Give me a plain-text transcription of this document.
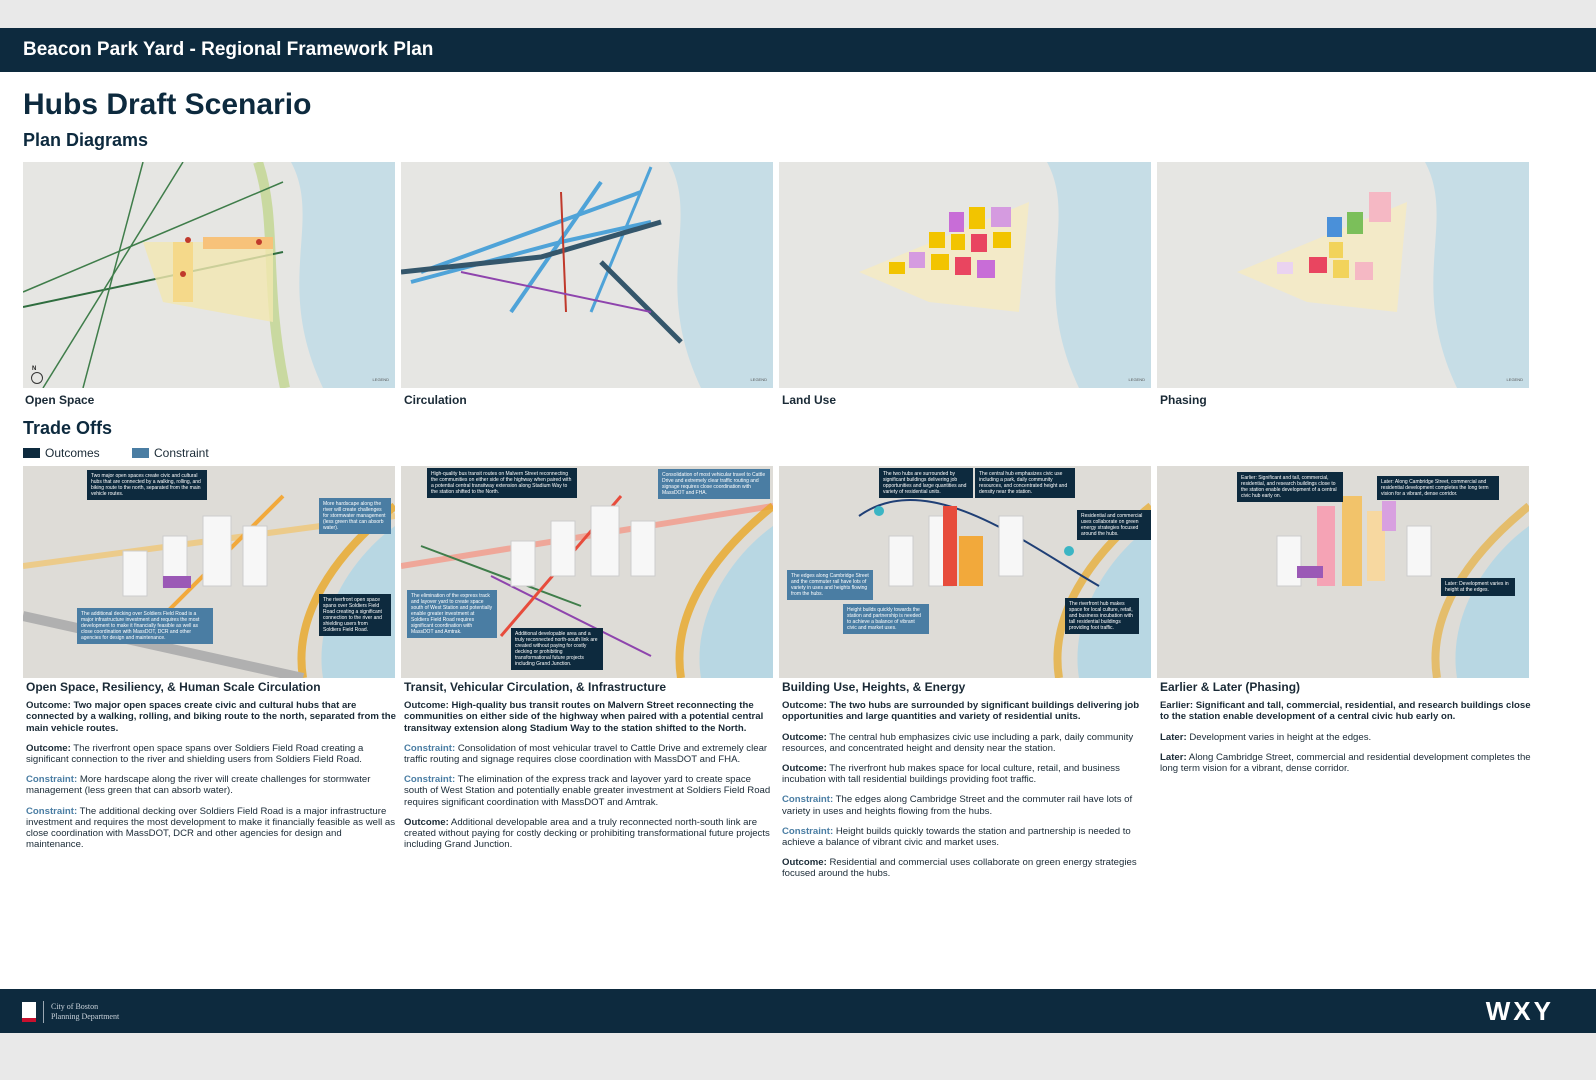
Beacon Park Yard - Regional Framework Plan
Hubs Draft Scenario
Plan Diagrams
N
LEGEND
Open Space
LEGEND
Circulation
LEGEND
Land Use
LEGEND
Phasing
Trade Offs
Outcomes	Constraint
Two major open spaces create civic and cultural hubs that are connected by a walking, rolling, and biking route to the north, separated from the main vehicle routes.
More hardscape along the river will create challenges for stormwater management (less green that can absorb water).
The additional decking over Soldiers Field Road is a major infrastructure investment and requires the most development to make it financially feasible as well as close coordination with MassDOT, DCR and other agencies for design and maintenance.
The riverfront open space spans over Soldiers Field Road creating a significant connection to the river and shielding users from Soldiers Field Road.
Open Space, Resiliency, & Human Scale Circulation

Outcome: Two major open spaces create civic and cultural hubs that are connected by a walking, rolling, and biking route to the north, separated from the main vehicle routes.

Outcome: The riverfront open space spans over Soldiers Field Road creating a significant connection to the river and shielding users from Soldiers Field Road.

Constraint: More hardscape along the river will create challenges for stormwater management (less green that can absorb water).

Constraint: The additional decking over Soldiers Field Road is a major infrastructure investment and requires the most development to make it financially feasible as well as close coordination with MassDOT, DCR and other agencies for design and maintenance.

High-quality bus transit routes on Malvern Street reconnecting the communities on either side of the highway when paired with a potential central transitway extension along Stadium Way to the station shifted to the North.
Consolidation of most vehicular travel to Cattle Drive and extremely clear traffic routing and signage requires close coordination with MassDOT and FHA.
The elimination of the express track and layover yard to create space south of West Station and potentially enable greater investment at Soldiers Field Road requires significant coordination with MassDOT and Amtrak.	Additional developable area and a truly reconnected north-south link are created without paying for costly decking or prohibiting transformational future projects including Grand Junction.
Transit, Vehicular Circulation, & Infrastructure

Outcome: High-quality bus transit routes on Malvern Street reconnecting the communities on either side of the highway when paired with a potential central transitway extension along Stadium Way to the station shifted to the North.

Constraint: Consolidation of most vehicular travel to Cattle Drive and extremely clear traffic routing and signage requires close coordination with MassDOT and FHA.

Constraint: The elimination of the express track and layover yard to create space south of West Station and potentially enable greater investment at Soldiers Field Road requires significant coordination with MassDOT and Amtrak.

Outcome: Additional developable area and a truly reconnected north-south link are created without paying for costly decking or prohibiting transformational future projects including Grand Junction.

The two hubs are surrounded by significant buildings delivering job opportunities and large quantities and variety of residential units.
The central hub emphasizes civic use including a park, daily community resources, and concentrated height and density near the station.
The edges along Cambridge Street and the commuter rail have lots of variety in uses and heights flowing from the hubs.
Residential and commercial uses collaborate on green energy strategies focused around the hubs.
Height builds quickly towards the station and partnership is needed to achieve a balance of vibrant civic and market uses.
The riverfront hub makes space for local culture, retail, and business incubation with tall residential buildings providing foot traffic.
Building Use, Heights, & Energy

Outcome: The two hubs are surrounded by significant buildings delivering job opportunities and large quantities and variety of residential units.

Outcome: The central hub emphasizes civic use including a park, daily community resources, and concentrated height and density near the station.

Outcome: The riverfront hub makes space for local culture, retail, and business incubation with tall residential buildings providing foot traffic.

Constraint: The edges along Cambridge Street and the commuter rail have lots of variety in uses and heights flowing from the hubs.

Constraint: Height builds quickly towards the station and partnership is needed to achieve a balance of vibrant civic and market uses.

Outcome: Residential and commercial uses collaborate on green energy strategies focused around the hubs.

Earlier: Significant and tall, commercial, residential, and research buildings close to the station enable development of a central civic hub early on.
Later: Along Cambridge Street, commercial and residential development completes the long term vision for a vibrant, dense corridor.
Later: Development varies in height at the edges.
Earlier & Later (Phasing)

Earlier: Significant and tall, commercial, residential, and research buildings close to the station enable development of a central civic hub early on.

Later: Development varies in height at the edges.

Later: Along Cambridge Street, commercial and residential development completes the long term vision for a vibrant, dense corridor.

City of Boston
Planning Department	WXY
